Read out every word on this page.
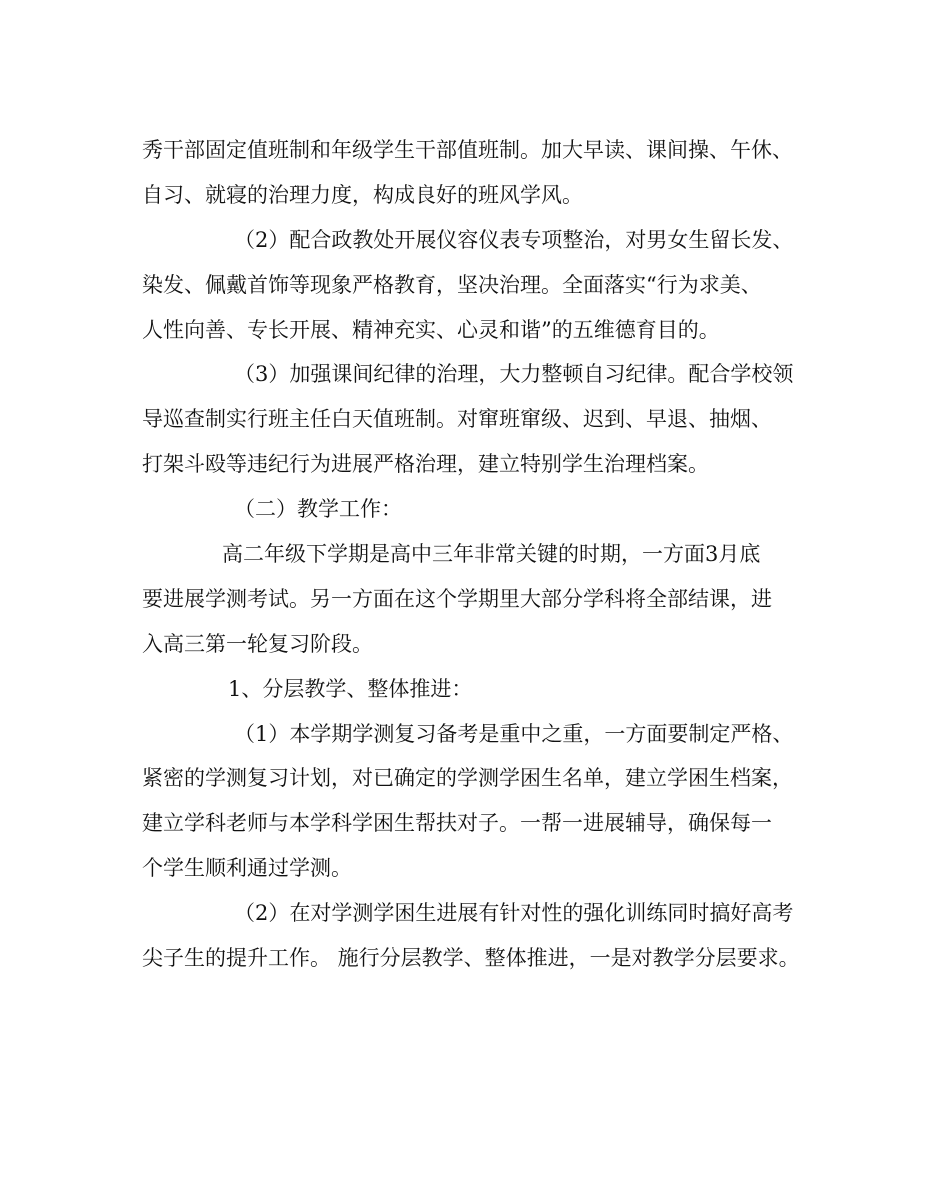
秀干部固定值班制和年级学生干部值班制。加大早读、课间操、午休、
自习、就寝的治理力度，构成良好的班风学风。
（2）配合政教处开展仪容仪表专项整治，对男女生留长发、
染发、佩戴首饰等现象严格教育，坚决治理。全面落实“行为求美、
人性向善、专长开展、精神充实、心灵和谐”的五维德育目的。
（3）加强课间纪律的治理，大力整顿自习纪律。配合学校领
导巡查制实行班主任白天值班制。对窜班窜级、迟到、早退、抽烟、
打架斗殴等违纪行为进展严格治理，建立特别学生治理档案。
（二）教学工作：
高二年级下学期是高中三年非常关键的时期，一方面3月底
要进展学测考试。另一方面在这个学期里大部分学科将全部结课，进
入高三第一轮复习阶段。
1、分层教学、整体推进：
（1）本学期学测复习备考是重中之重，一方面要制定严格、
紧密的学测复习计划，对已确定的学测学困生名单，建立学困生档案，
建立学科老师与本学科学困生帮扶对子。一帮一进展辅导，确保每一
个学生顺利通过学测。
（2）在对学测学困生进展有针对性的强化训练同时搞好高考
尖子生的提升工作。 施行分层教学、整体推进，一是对教学分层要求。
